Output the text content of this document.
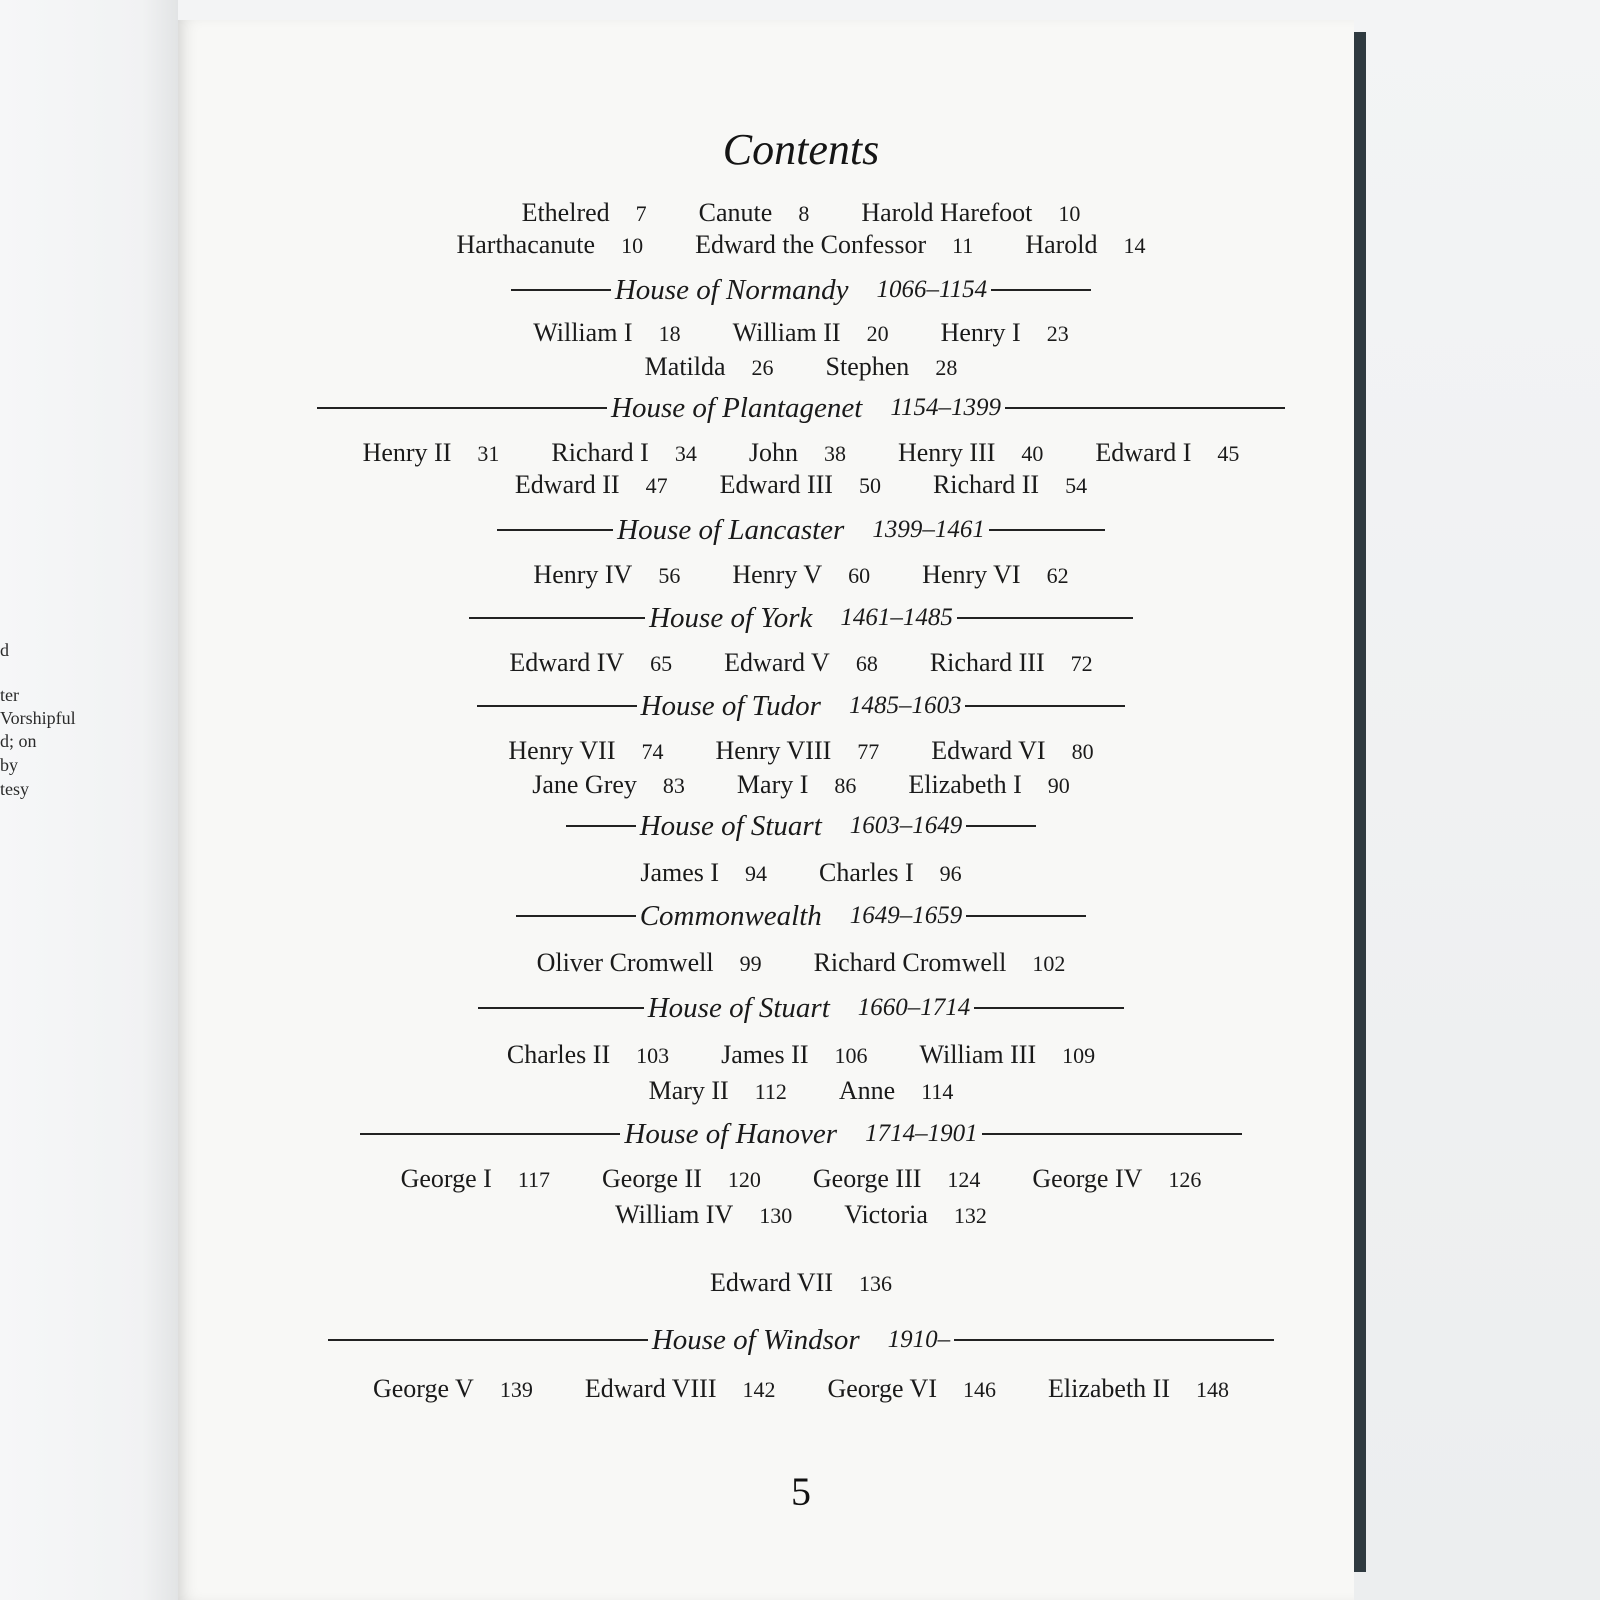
d
ter
Vorshipful
d; on
by
tesy
Contents
Ethelred 7 Canute 8 Harold Harefoot 10
Harthacanute 10 Edward the Confessor 11 Harold 14
House of Normandy 1066–1154
William I 18 William II 20 Henry I 23
Matilda 26 Stephen 28
House of Plantagenet 1154–1399
Henry II 31 Richard I 34 John 38 Henry III 40 Edward I 45
Edward II 47 Edward III 50 Richard II 54
House of Lancaster 1399–1461
Henry IV 56 Henry V 60 Henry VI 62
House of York 1461–1485
Edward IV 65 Edward V 68 Richard III 72
House of Tudor 1485–1603
Henry VII 74 Henry VIII 77 Edward VI 80
Jane Grey 83 Mary I 86 Elizabeth I 90
House of Stuart 1603–1649
James I 94 Charles I 96
Commonwealth 1649–1659
Oliver Cromwell 99 Richard Cromwell 102
House of Stuart 1660–1714
Charles II 103 James II 106 William III 109
Mary II 112 Anne 114
House of Hanover 1714–1901
George I 117 George II 120 George III 124 George IV 126
William IV 130 Victoria 132
Edward VII 136
House of Windsor 1910–
George V 139 Edward VIII 142 George VI 146 Elizabeth II 148
5
